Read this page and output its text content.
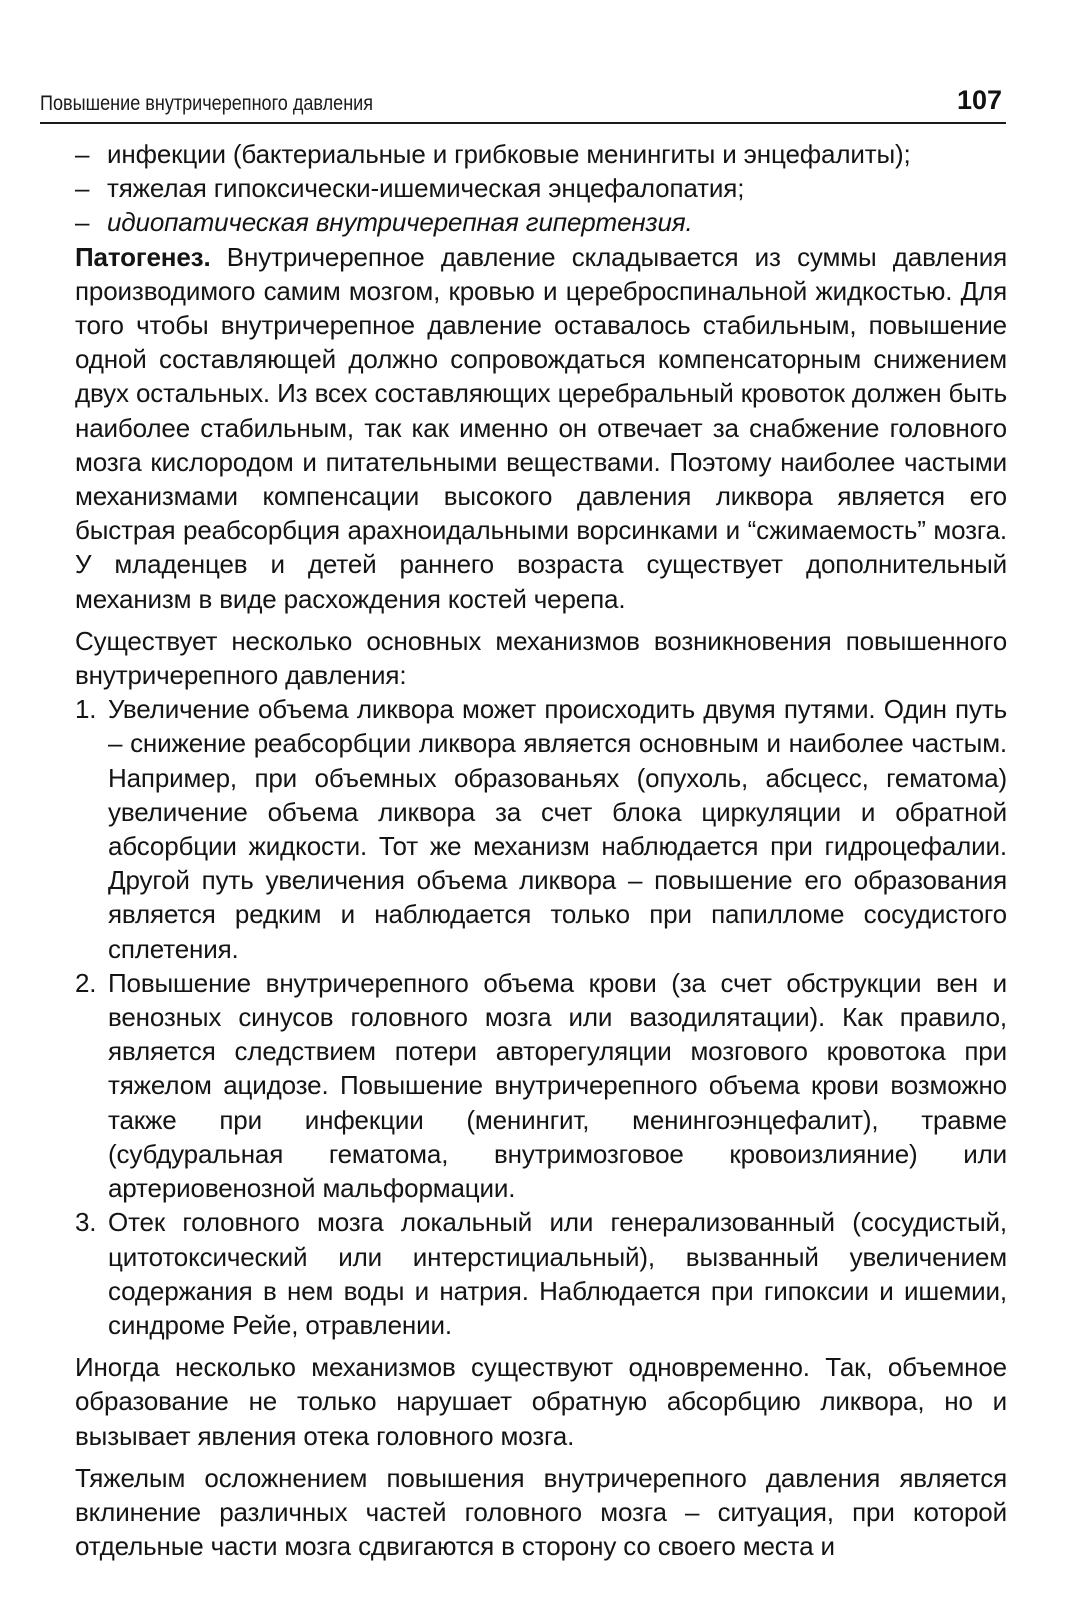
Повышение внутричерепного давления	107

– инфекции (бактериальные и грибковые менингиты и энцефалиты);

– тяжелая гипоксически-ишемическая энцефалопатия;

– идиопатическая внутричерепная гипертензия.

Патогенез. Внутричерепное давление складывается из суммы давления производимого самим мозгом, кровью и цереброспинальной жидкостью. Для того чтобы внутричерепное давление оставалось стабильным, повышение одной составляющей должно сопровождаться компенсаторным снижением двух остальных. Из всех составляющих церебральный кровоток должен быть наиболее стабильным, так как именно он отвечает за снабжение головного мозга кислородом и питательными веществами. Поэтому наиболее частыми механизмами компенсации высокого давления ликвора является его быстрая реабсорбция арахноидальными ворсинками и “сжимаемость” мозга. У младенцев и детей раннего возраста существует дополнительный механизм в виде расхождения костей черепа.

Существует несколько основных механизмов возникновения повышенного внутричерепного давления:

1. Увеличение объема ликвора может происходить двумя путями. Один путь – снижение реабсорбции ликвора является основным и наиболее частым. Например, при объемных образованьях (опухоль, абсцесс, гематома) увеличение объема ликвора за счет блока циркуляции и обратной абсорбции жидкости. Тот же механизм наблюдается при гидроцефалии. Другой путь увеличения объема ликвора – повышение его образования является редким и наблюдается только при папилломе сосудистого сплетения.

2. Повышение внутричерепного объема крови (за счет обструкции вен и венозных синусов головного мозга или вазодилятации). Как правило, является следствием потери авторегуляции мозгового кровотока при тяжелом ацидозе. Повышение внутричерепного объема крови возможно также при инфекции (менингит, менингоэнцефалит), травме (субдуральная гематома, внутримозговое кровоизлияние) или артериовенозной мальформации.

3. Отек головного мозга локальный или генерализованный (сосудистый, цитотоксический или интерстициальный), вызванный увеличением содержания в нем воды и натрия. Наблюдается при гипоксии и ишемии, синдроме Рейе, отравлении.

Иногда несколько механизмов существуют одновременно. Так, объемное образование не только нарушает обратную абсорбцию ликвора, но и вызывает явления отека головного мозга.

Тяжелым осложнением повышения внутричерепного давления является вклинение различных частей головного мозга – ситуация, при которой отдельные части мозга сдвигаются в сторону со своего места и
